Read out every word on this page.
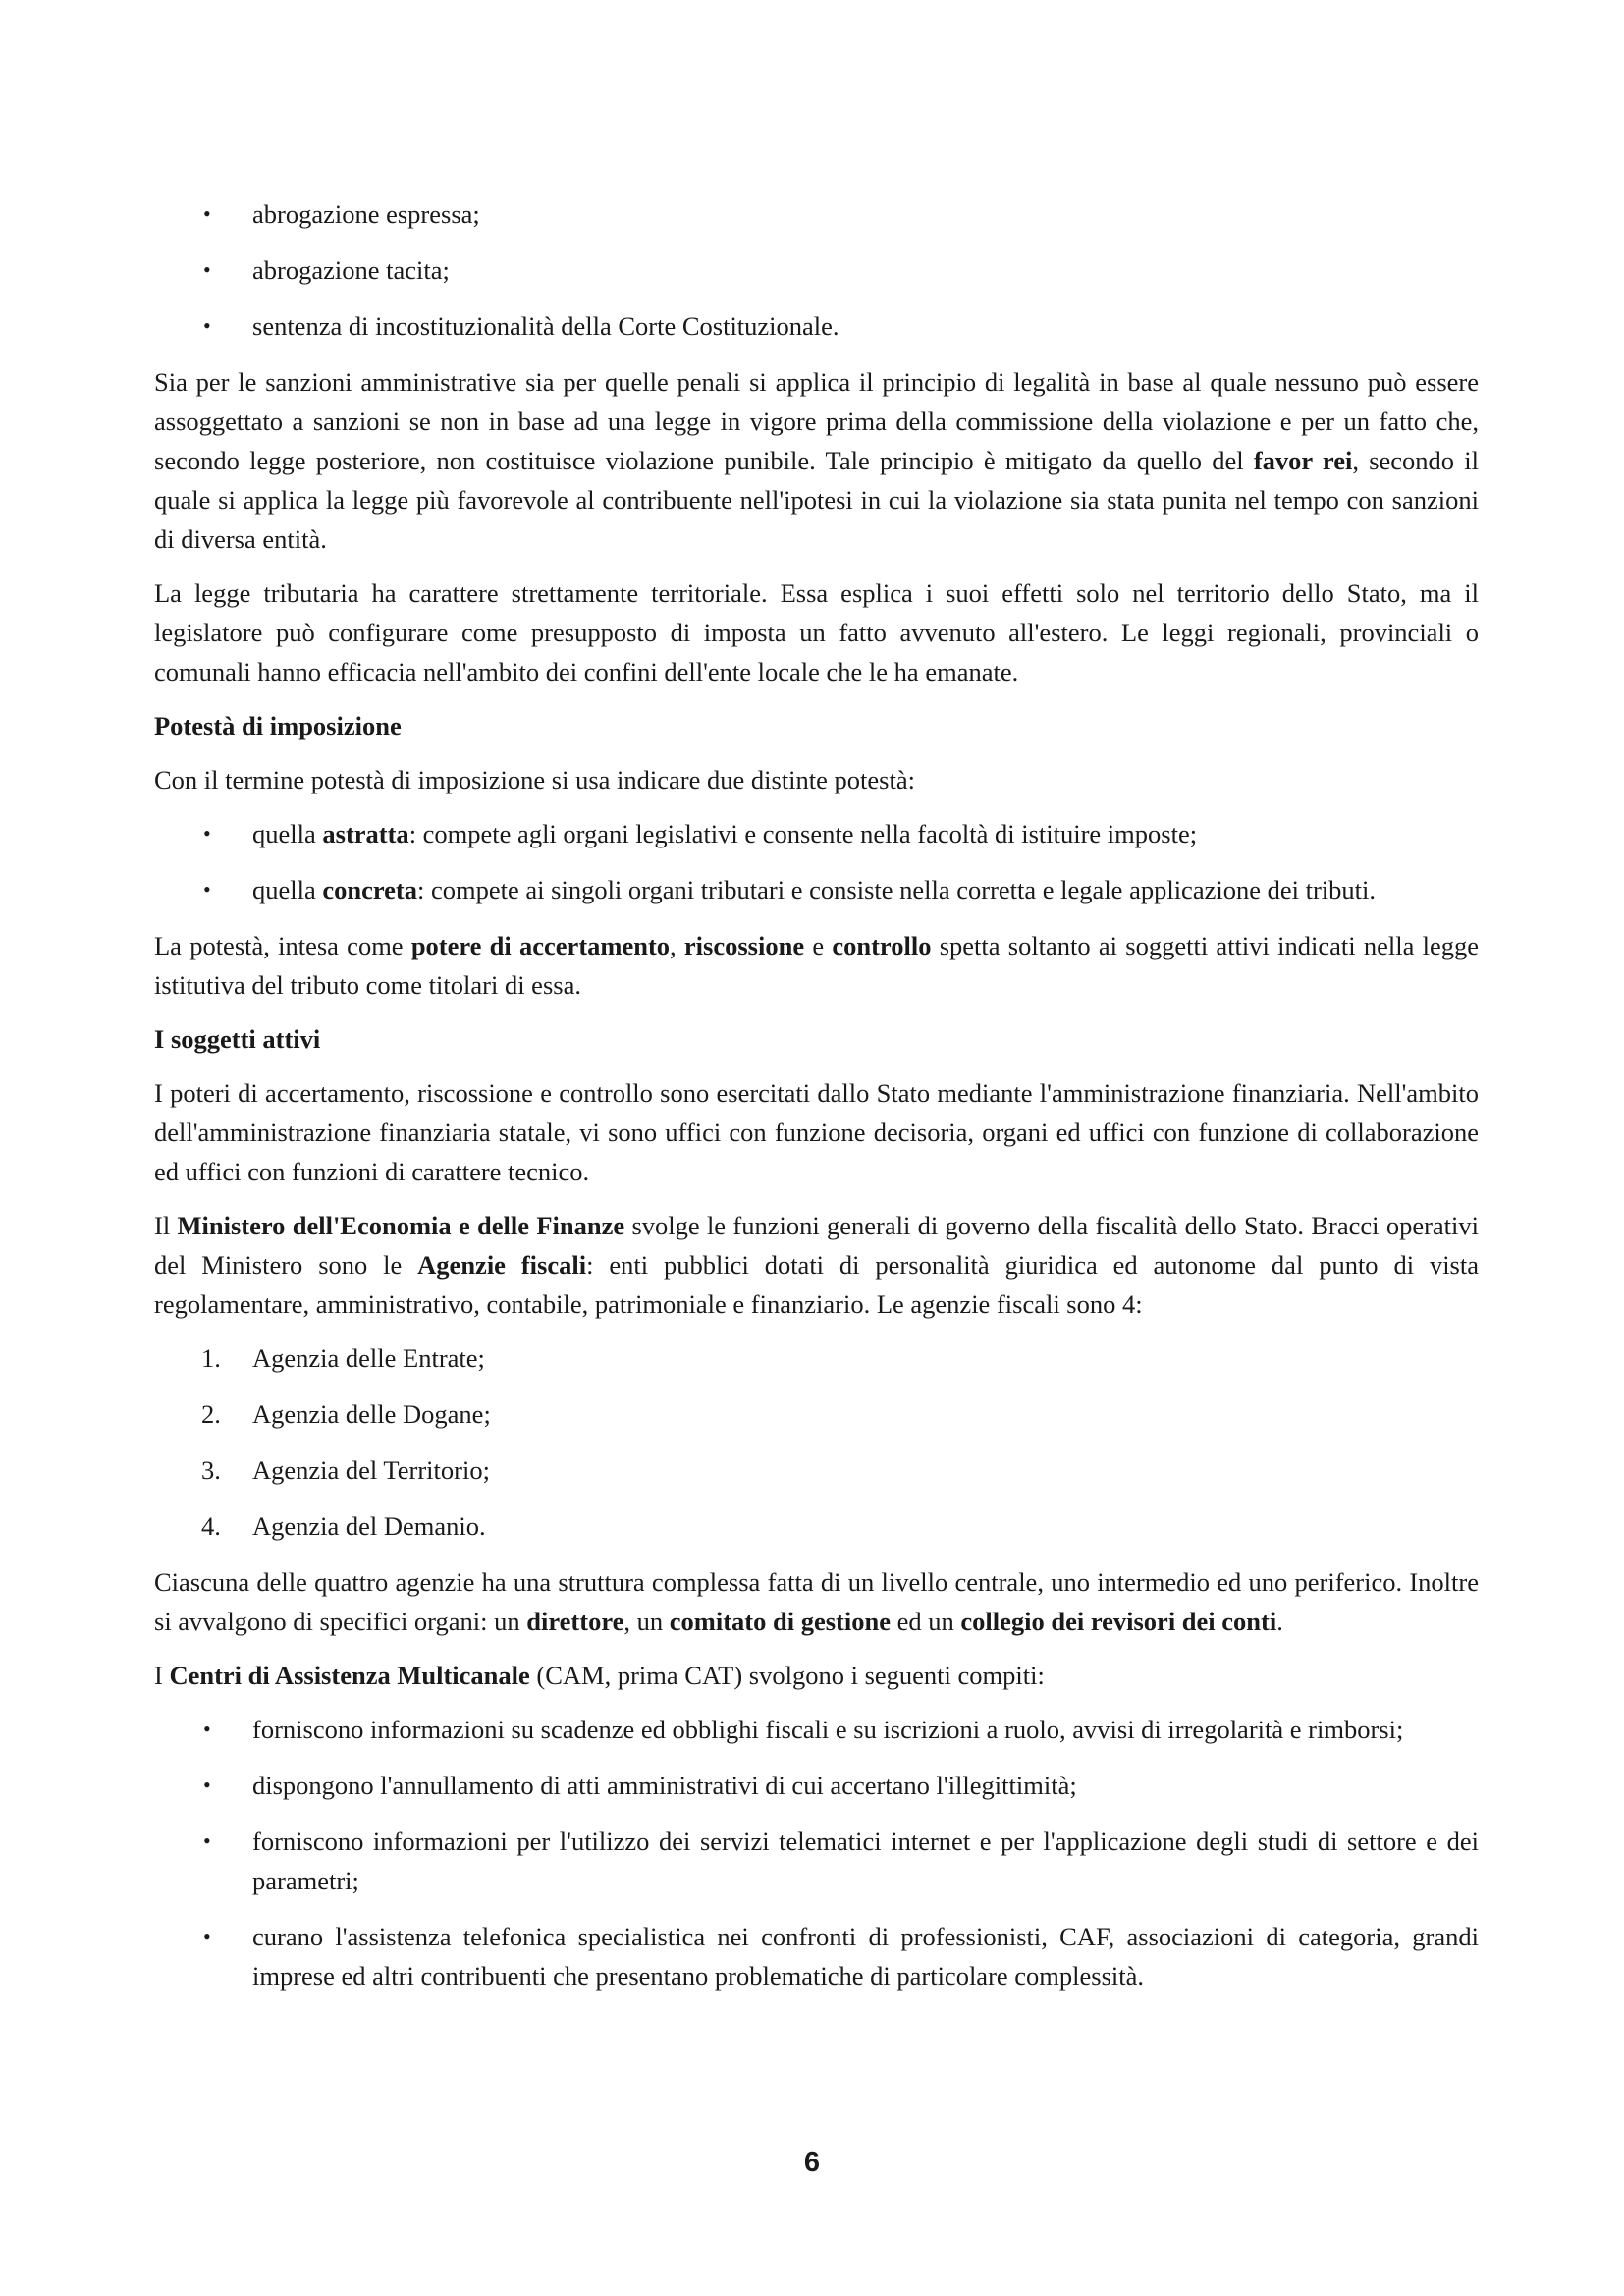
•	abrogazione espressa;
•	abrogazione tacita;
•	sentenza di incostituzionalità della Corte Costituzionale.

Sia per le sanzioni amministrative sia per quelle penali si applica il principio di legalità in base al quale nessuno può essere assoggettato a sanzioni se non in base ad una legge in vigore prima della commissione della violazione e per un fatto che, secondo legge posteriore, non costituisce violazione punibile. Tale principio è mitigato da quello del favor rei, secondo il quale si applica la legge più favorevole al contribuente nell'ipotesi in cui la violazione sia stata punita nel tempo con sanzioni di diversa entità.

La legge tributaria ha carattere strettamente territoriale. Essa esplica i suoi effetti solo nel territorio dello Stato, ma il legislatore può configurare come presupposto di imposta un fatto avvenuto all'estero. Le leggi regionali, provinciali o comunali hanno efficacia nell'ambito dei confini dell'ente locale che le ha emanate.

Potestà di imposizione

Con il termine potestà di imposizione si usa indicare due distinte potestà:

•	quella astratta: compete agli organi legislativi e consente nella facoltà di istituire imposte;
•	quella concreta: compete ai singoli organi tributari e consiste nella corretta e legale applicazione dei tributi.

La potestà, intesa come potere di accertamento, riscossione e controllo spetta soltanto ai soggetti attivi indicati nella legge istitutiva del tributo come titolari di essa.

I soggetti attivi

I poteri di accertamento, riscossione e controllo sono esercitati dallo Stato mediante l'amministrazione finanziaria. Nell'ambito dell'amministrazione finanziaria statale, vi sono uffici con funzione decisoria, organi ed uffici con funzione di collaborazione ed uffici con funzioni di carattere tecnico.

Il Ministero dell'Economia e delle Finanze svolge le funzioni generali di governo della fiscalità dello Stato. Bracci operativi del Ministero sono le Agenzie fiscali: enti pubblici dotati di personalità giuridica ed autonome dal punto di vista regolamentare, amministrativo, contabile, patrimoniale e finanziario. Le agenzie fiscali sono 4:

1.	Agenzia delle Entrate;
2.	Agenzia delle Dogane;
3.	Agenzia del Territorio;
4.	Agenzia del Demanio.

Ciascuna delle quattro agenzie ha una struttura complessa fatta di un livello centrale, uno intermedio ed uno periferico. Inoltre si avvalgono di specifici organi: un direttore, un comitato di gestione ed un collegio dei revisori dei conti.

I Centri di Assistenza Multicanale (CAM, prima CAT) svolgono i seguenti compiti:

•	forniscono informazioni su scadenze ed obblighi fiscali e su iscrizioni a ruolo, avvisi di irregolarità e rimborsi;
•	dispongono l'annullamento di atti amministrativi di cui accertano l'illegittimità;
•	forniscono informazioni per l'utilizzo dei servizi telematici internet e per l'applicazione degli studi di settore e dei parametri;
•	curano l'assistenza telefonica specialistica nei confronti di professionisti, CAF, associazioni di categoria, grandi imprese ed altri contribuenti che presentano problematiche di particolare complessità.
6
